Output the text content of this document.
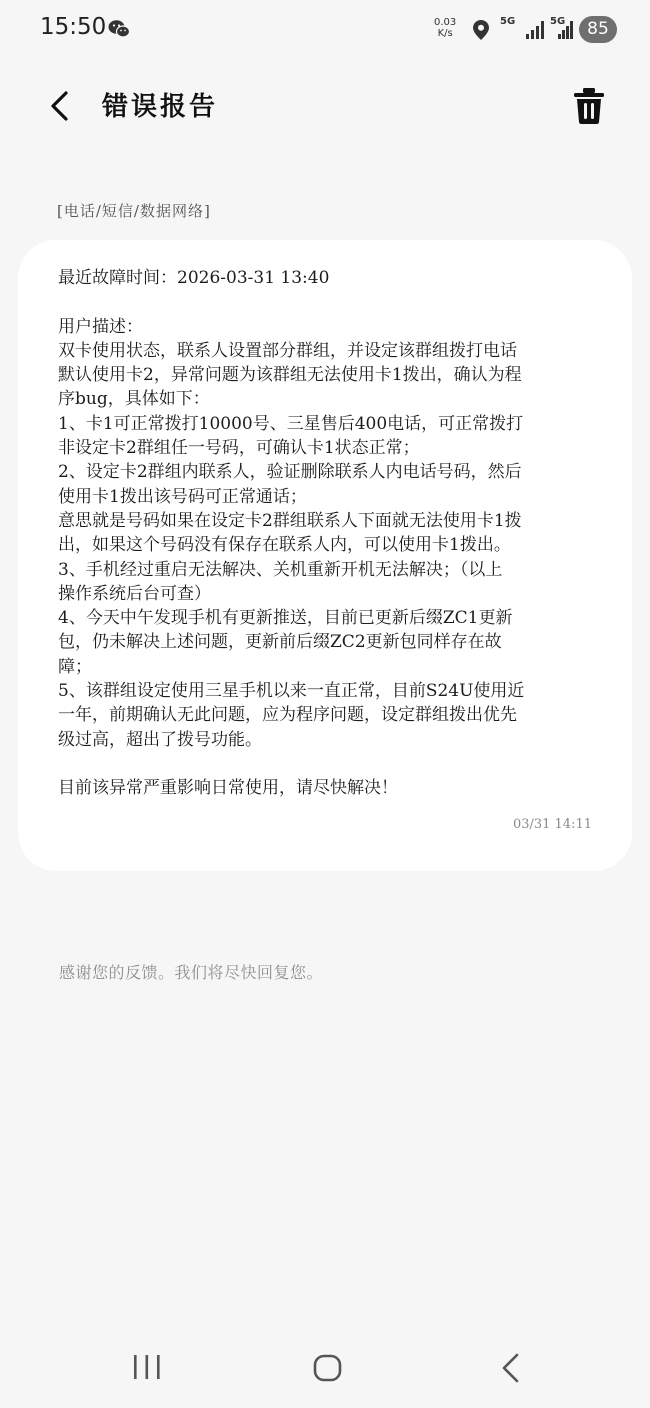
15:50	0.03
K/s
5G	5G	85
错误报告
[电话/短信/数据网络]

最近故障时间：2026-03-31 13:40

用户描述：
双卡使用状态，联系人设置部分群组，并设定该群组拨打电话
默认使用卡2，异常问题为该群组无法使用卡1拨出，确认为程
序bug，具体如下：
1、卡1可正常拨打10000号、三星售后400电话，可正常拨打
非设定卡2群组任一号码，可确认卡1状态正常；
2、设定卡2群组内联系人，验证删除联系人内电话号码，然后
使用卡1拨出该号码可正常通话；
意思就是号码如果在设定卡2群组联系人下面就无法使用卡1拨
出，如果这个号码没有保存在联系人内，可以使用卡1拨出。
3、手机经过重启无法解决、关机重新开机无法解决；（以上
操作系统后台可查）
4、今天中午发现手机有更新推送，目前已更新后缀ZC1更新
包，仍未解决上述问题，更新前后缀ZC2更新包同样存在故
障；
5、该群组设定使用三星手机以来一直正常，目前S24U使用近
一年，前期确认无此问题，应为程序问题，设定群组拨出优先
级过高，超出了拨号功能。

目前该异常严重影响日常使用，请尽快解决！

03/31 14:11
感谢您的反馈。我们将尽快回复您。
